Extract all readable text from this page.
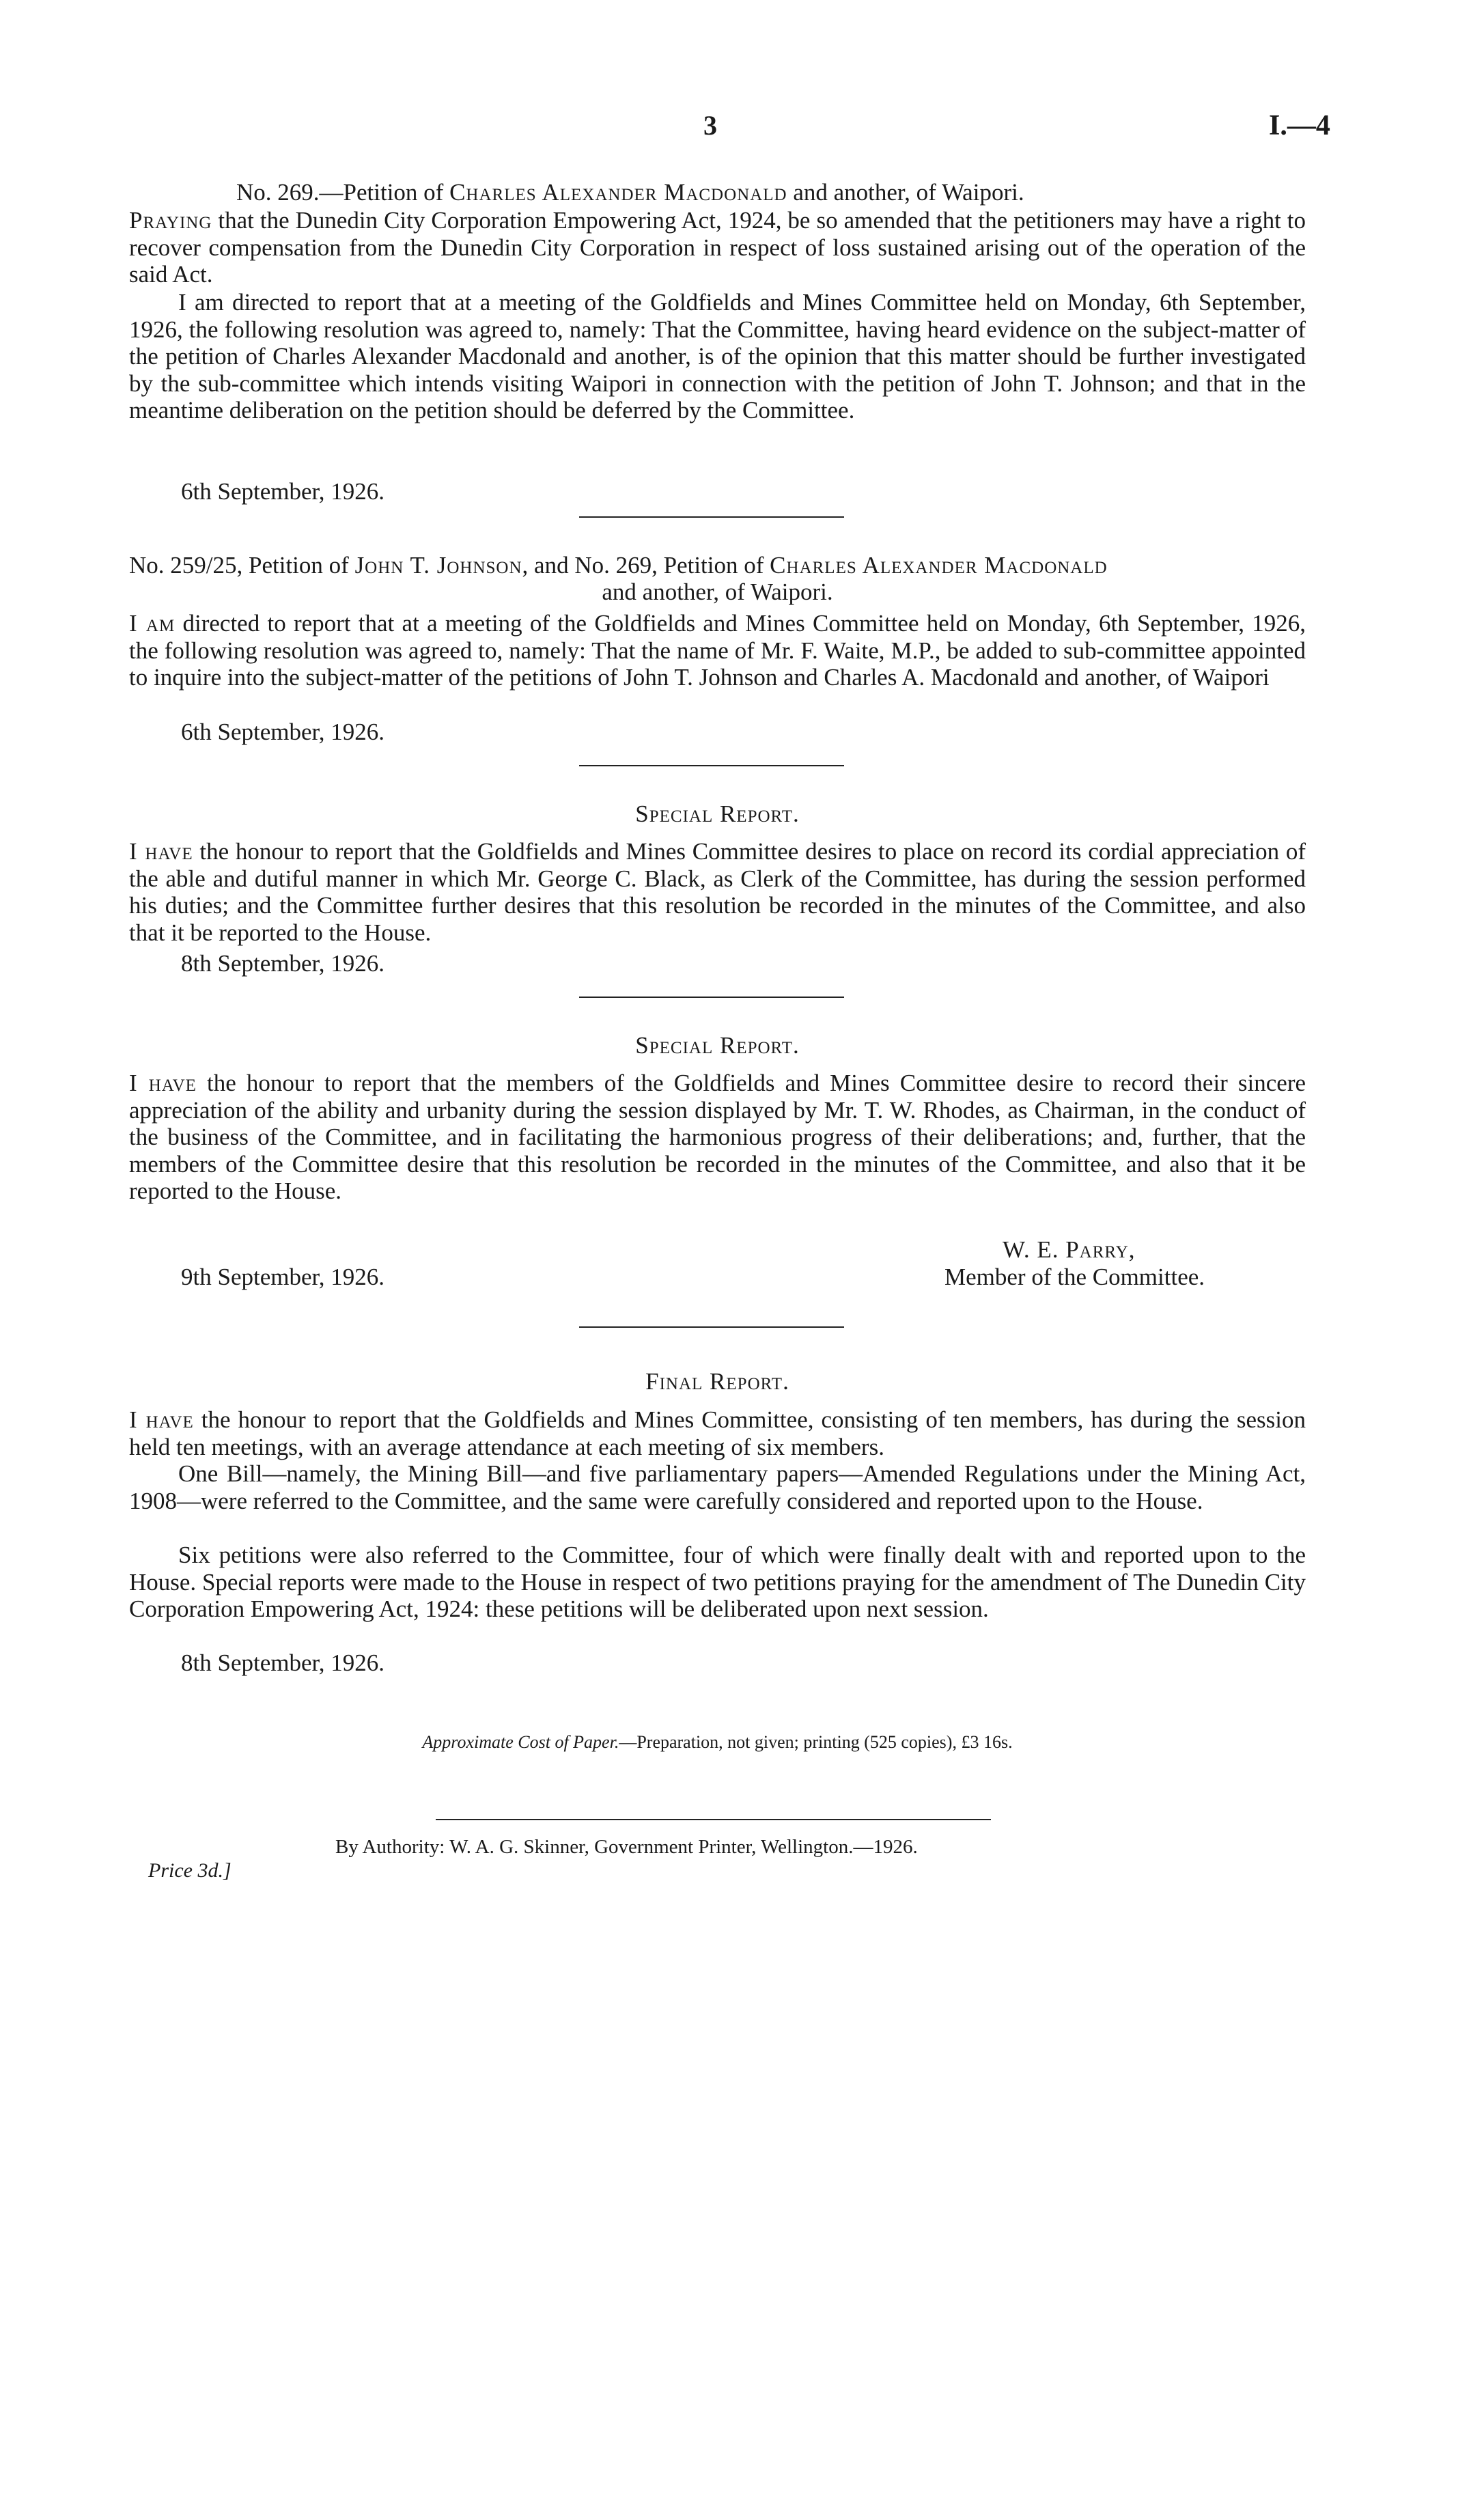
3	I.—4
No. 269.—Petition of Charles Alexander Macdonald and another, of Waipori.
Praying that the Dunedin City Corporation Empowering Act, 1924, be so amended that the petitioners may have a right to recover compensation from the Dunedin City Corporation in respect of loss sustained arising out of the operation of the said Act.
I am directed to report that at a meeting of the Goldfields and Mines Committee held on Monday, 6th September, 1926, the following resolution was agreed to, namely: That the Committee, having heard evidence on the subject-matter of the petition of Charles Alexander Macdonald and another, is of the opinion that this matter should be further investigated by the sub-committee which intends visiting Waipori in connection with the petition of John T. Johnson; and that in the meantime deliberation on the petition should be deferred by the Committee.
6th September, 1926.
No. 259/25, Petition of John T. Johnson, and No. 269, Petition of Charles Alexander Macdonald
and another, of Waipori.
I am directed to report that at a meeting of the Goldfields and Mines Committee held on Monday, 6th September, 1926, the following resolution was agreed to, namely: That the name of Mr. F. Waite, M.P., be added to sub-committee appointed to inquire into the subject-matter of the petitions of John T. Johnson and Charles A. Macdonald and another, of Waipori
6th September, 1926.
Special Report.
I have the honour to report that the Goldfields and Mines Committee desires to place on record its cordial appreciation of the able and dutiful manner in which Mr. George C. Black, as Clerk of the Committee, has during the session performed his duties; and the Committee further desires that this resolution be recorded in the minutes of the Committee, and also that it be reported to the House.
8th September, 1926.
Special Report.
I have the honour to report that the members of the Goldfields and Mines Committee desire to record their sincere appreciation of the ability and urbanity during the session displayed by Mr. T. W. Rhodes, as Chairman, in the conduct of the business of the Committee, and in facilitating the harmonious progress of their deliberations; and, further, that the members of the Committee desire that this resolution be recorded in the minutes of the Committee, and also that it be reported to the House.
W. E. Parry,
9th September, 1926.	Member of the Committee.
Final Report.
I have the honour to report that the Goldfields and Mines Committee, consisting of ten members, has during the session held ten meetings, with an average attendance at each meeting of six members.
One Bill—namely, the Mining Bill—and five parliamentary papers—Amended Regulations under the Mining Act, 1908—were referred to the Committee, and the same were carefully considered and reported upon to the House.
Six petitions were also referred to the Committee, four of which were finally dealt with and reported upon to the House. Special reports were made to the House in respect of two petitions praying for the amendment of The Dunedin City Corporation Empowering Act, 1924: these petitions will be deliberated upon next session.
8th September, 1926.
Approximate Cost of Paper.—Preparation, not given; printing (525 copies), £3 16s.
By Authority: W. A. G. Skinner, Government Printer, Wellington.—1926.
Price 3d.]
